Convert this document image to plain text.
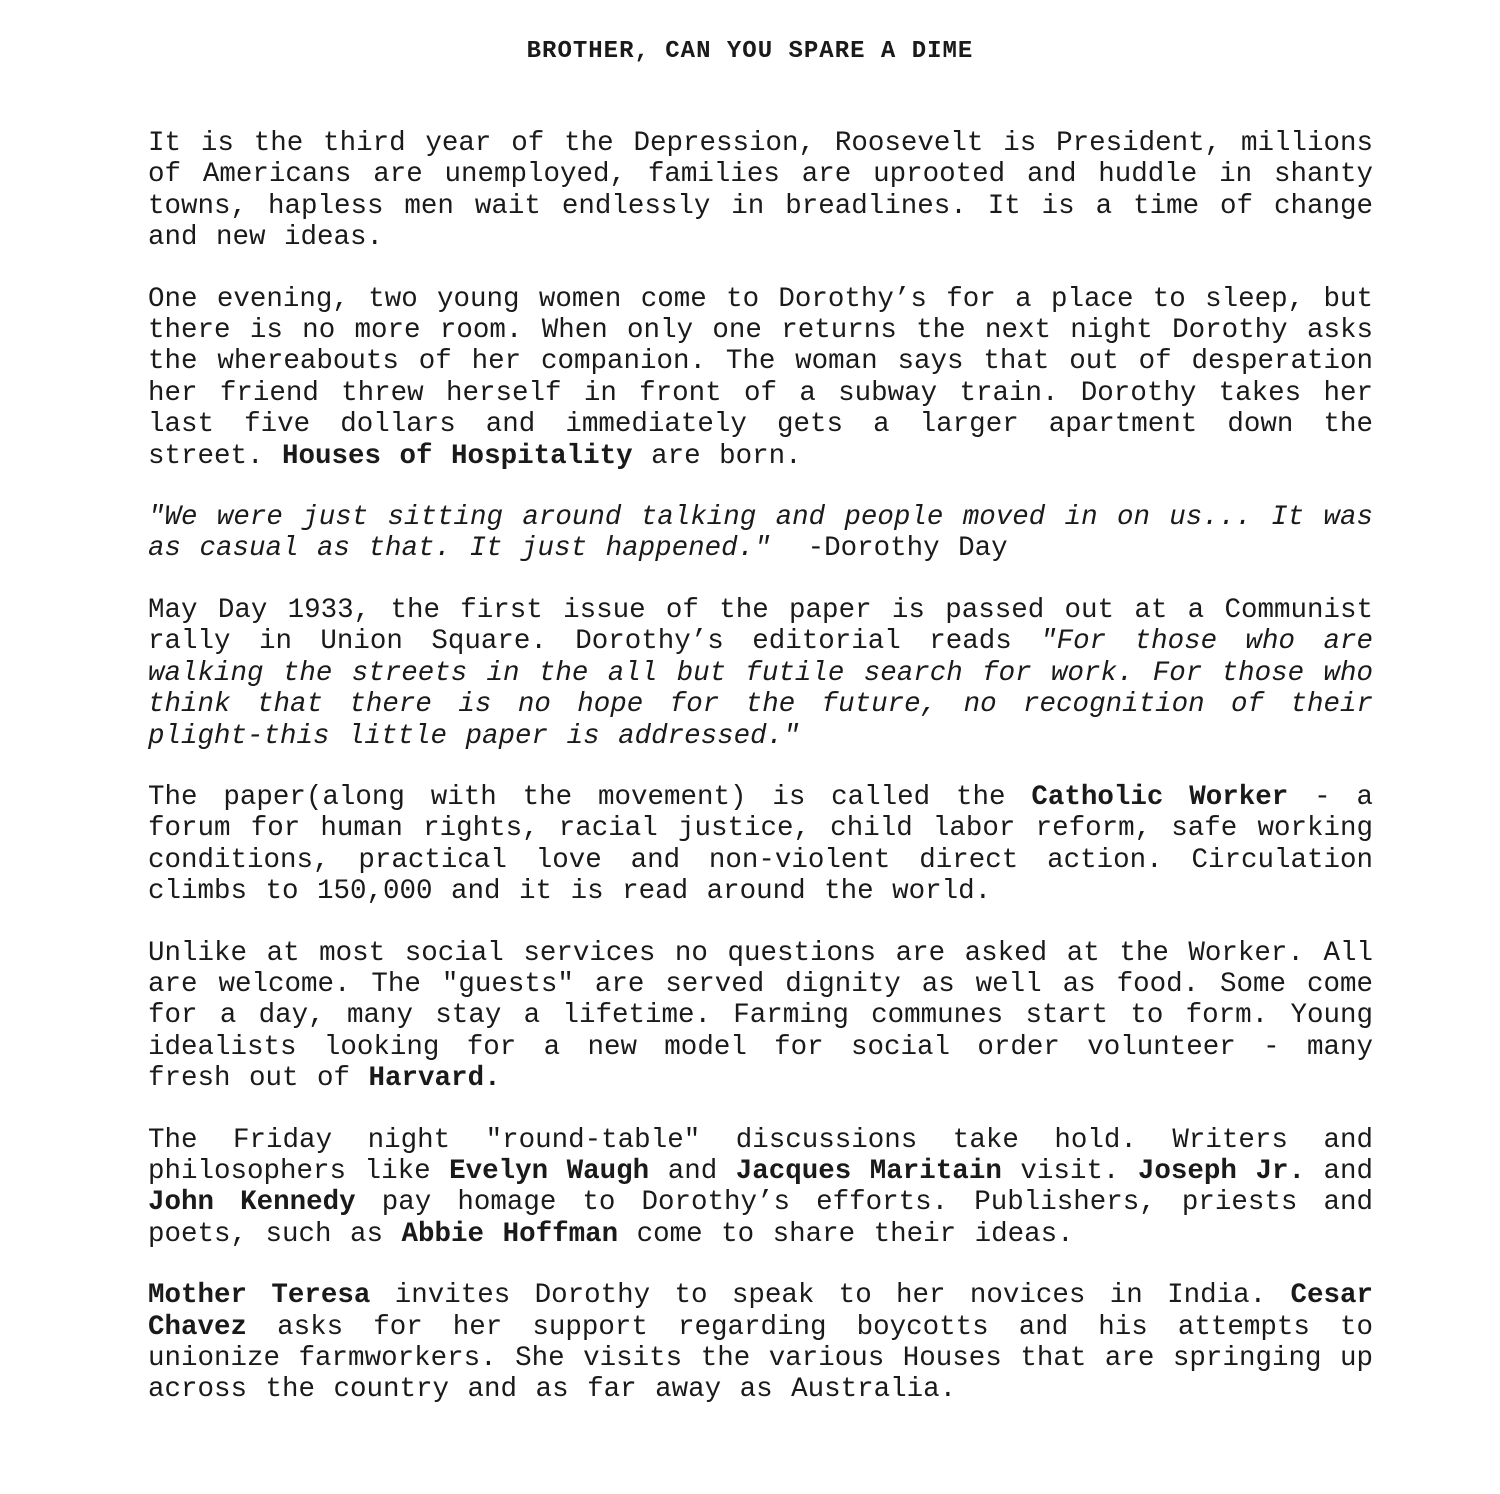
BROTHER, CAN YOU SPARE A DIME

It is the third year of the Depression, Roosevelt is President, millions of Americans are unemployed, families are uprooted and huddle in shanty towns, hapless men wait endlessly in breadlines. It is a time of change and new ideas.

One evening, two young women come to Dorothy’s for a place to sleep, but there is no more room. When only one returns the next night Dorothy asks the whereabouts of her companion. The woman says that out of desperation her friend threw herself in front of a subway train. Dorothy takes her last five dollars and immediately gets a larger apartment down the street. Houses of Hospitality are born.

"We were just sitting around talking and people moved in on us... It was as casual as that. It just happened." -Dorothy Day

May Day 1933, the first issue of the paper is passed out at a Communist rally in Union Square. Dorothy’s editorial reads "For those who are walking the streets in the all but futile search for work. For those who think that there is no hope for the future, no recognition of their plight-this little paper is addressed."

The paper(along with the movement) is called the Catholic Worker - a forum for human rights, racial justice, child labor reform, safe working conditions, practical love and non-violent direct action. Circulation climbs to 150,000 and it is read around the world.

Unlike at most social services no questions are asked at the Worker. All are welcome. The "guests" are served dignity as well as food. Some come for a day, many stay a lifetime. Farming communes start to form. Young idealists looking for a new model for social order volunteer - many fresh out of Harvard.

The Friday night "round-table" discussions take hold. Writers and philosophers like Evelyn Waugh and Jacques Maritain visit. Joseph Jr. and John Kennedy pay homage to Dorothy’s efforts. Publishers, priests and poets, such as Abbie Hoffman come to share their ideas.

Mother Teresa invites Dorothy to speak to her novices in India. Cesar Chavez asks for her support regarding boycotts and his attempts to unionize farmworkers. She visits the various Houses that are springing up across the country and as far away as Australia.
